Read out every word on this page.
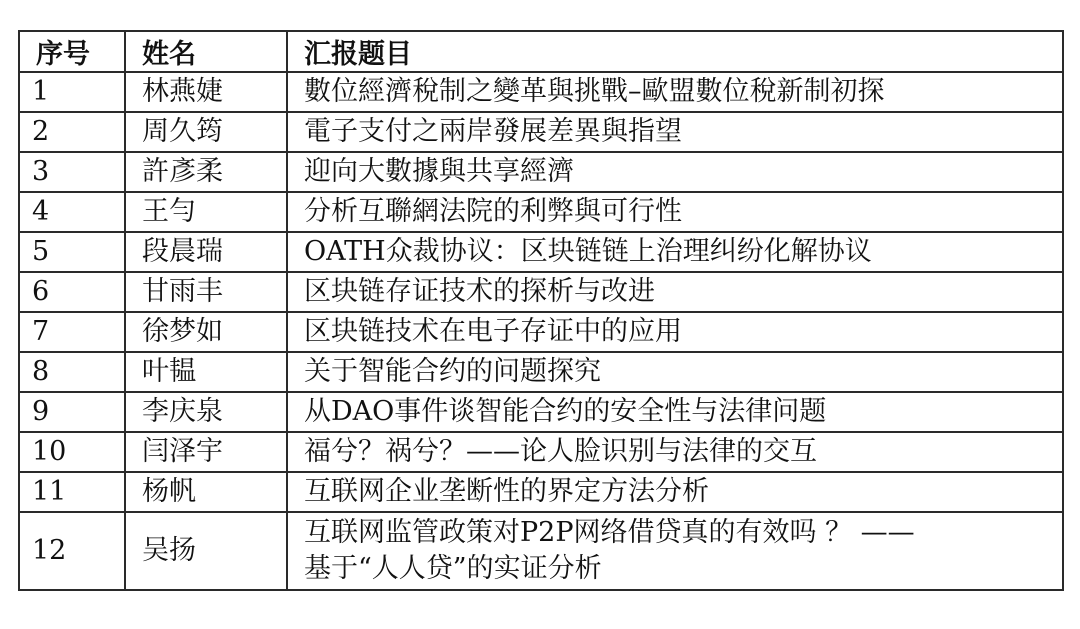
序号	姓名	汇报题目
1	林燕婕	數位經濟稅制之變革與挑戰–歐盟數位稅新制初探

2	周久筠	電子支付之兩岸發展差異與指望

3	許彥柔	迎向大數據與共享經濟

4	王勻	分析互聯網法院的利弊與可行性

5	段晨瑞	OATH众裁协议：区块链链上治理纠纷化解协议

6	甘雨丰	区块链存证技术的探析与改进

7	徐梦如	区块链技术在电子存证中的应用

8	叶韫	关于智能合约的问题探究

9	李庆泉	从DAO事件谈智能合约的安全性与法律问题

10	闫泽宇	福兮？祸兮？——论人脸识别与法律的交互

11	杨帆	互联网企业垄断性的界定方法分析

12	吴扬	互联网监管政策对P2P网络借贷真的有效吗 ？ ——
基于“人人贷”的实证分析
